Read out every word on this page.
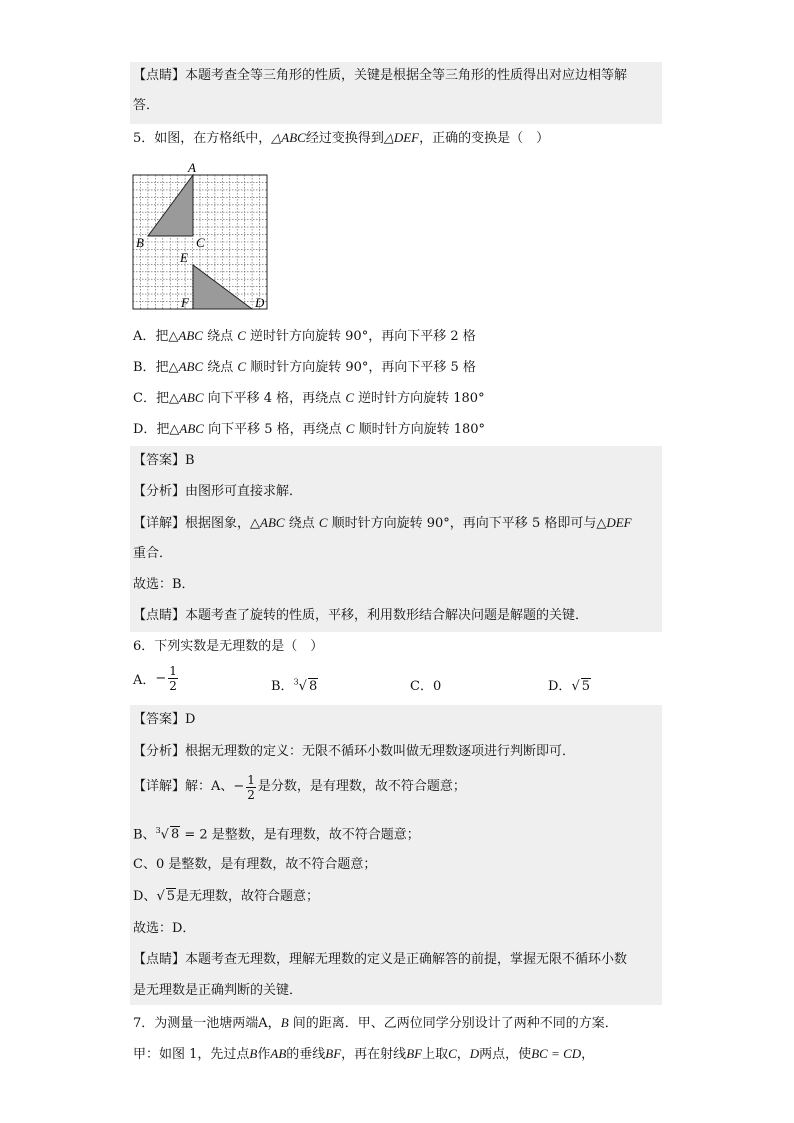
【点睛】本题考查全等三角形的性质，关键是根据全等三角形的性质得出对应边相等解
答．
5．如图，在方格纸中，△ABC经过变换得到△DEF，正确的变换是（　）
A
B	C
E
F	D
A．把△ABC 绕点 C 逆时针方向旋转 90°，再向下平移 2 格
B．把△ABC 绕点 C 顺时针方向旋转 90°，再向下平移 5 格
C．把△ABC 向下平移 4 格，再绕点 C 逆时针方向旋转 180°
D．把△ABC 向下平移 5 格，再绕点 C 顺时针方向旋转 180°
【答案】B
【分析】由图形可直接求解．
【详解】根据图象，△ABC 绕点 C 顺时针方向旋转 90°，再向下平移 5 格即可与△DEF
重合．
故选：B．
【点睛】本题考查了旋转的性质，平移，利用数形结合解决问题是解题的关键．
6．下列实数是无理数的是（　）
A．− $\frac{1}{2}$	B．$^3$√ 8	C．0	D．√ 5
【答案】D
【分析】根据无理数的定义：无限不循环小数叫做无理数逐项进行判断即可．
【详解】解：A、− $\frac{1}{2}$ 是分数，是有理数，故不符合题意；
B、$^3$√ 8 = 2 是整数，是有理数，故不符合题意；
C、0 是整数，是有理数，故不符合题意；
D、√ 5是无理数，故符合题意；
故选：D．
【点睛】本题考查无理数，理解无理数的定义是正确解答的前提，掌握无限不循环小数
是无理数是正确判断的关键．
7．为测量一池塘两端A，B 间的距离．甲、乙两位同学分别设计了两种不同的方案．
甲：如图 1，先过点B作AB的垂线BF，再在射线BF上取C，D两点，使BC = CD，
